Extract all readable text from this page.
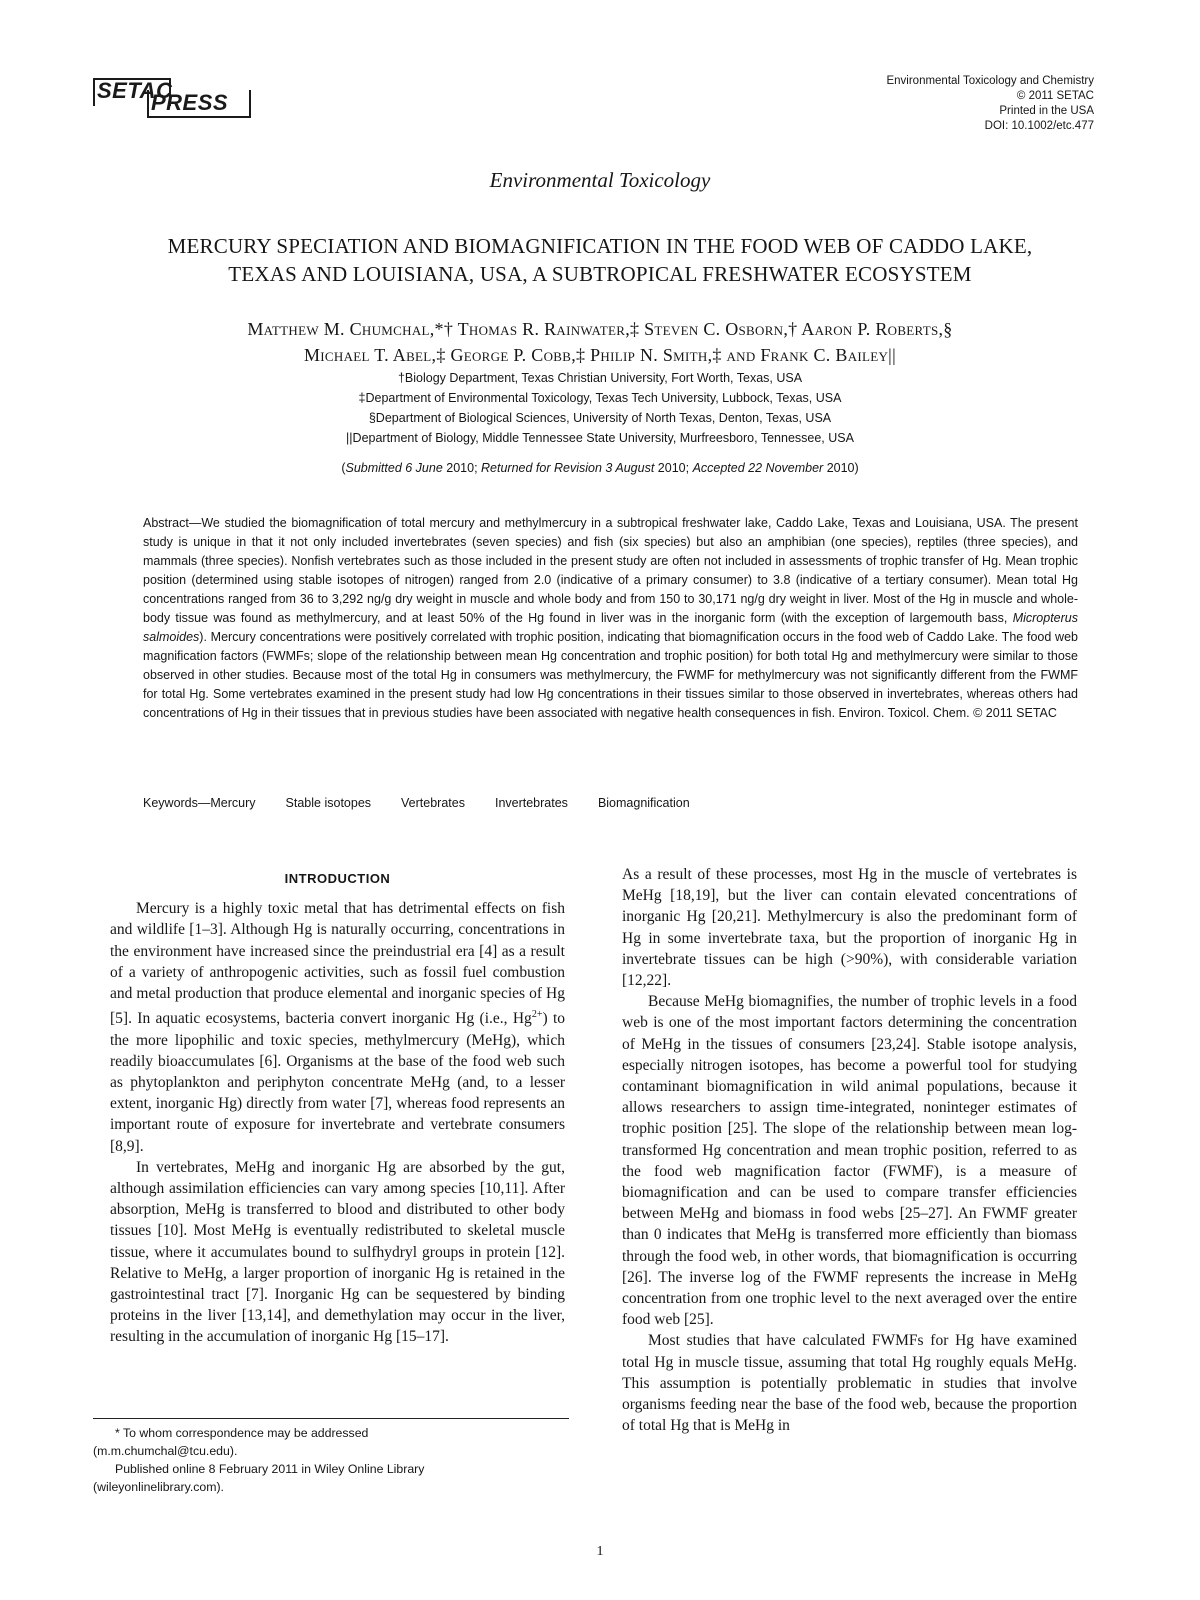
SETAC
PRESS
Environmental Toxicology and Chemistry
© 2011 SETAC
Printed in the USA
DOI: 10.1002/etc.477
Environmental Toxicology
MERCURY SPECIATION AND BIOMAGNIFICATION IN THE FOOD WEB OF CADDO LAKE,
TEXAS AND LOUISIANA, USA, A SUBTROPICAL FRESHWATER ECOSYSTEM
Matthew M. Chumchal,*† Thomas R. Rainwater,‡ Steven C. Osborn,† Aaron P. Roberts,§
Michael T. Abel,‡ George P. Cobb,‡ Philip N. Smith,‡ and Frank C. Bailey||
†Biology Department, Texas Christian University, Fort Worth, Texas, USA
‡Department of Environmental Toxicology, Texas Tech University, Lubbock, Texas, USA
§Department of Biological Sciences, University of North Texas, Denton, Texas, USA
||Department of Biology, Middle Tennessee State University, Murfreesboro, Tennessee, USA
(Submitted 6 June 2010; Returned for Revision 3 August 2010; Accepted 22 November 2010)
Abstract—We studied the biomagnification of total mercury and methylmercury in a subtropical freshwater lake, Caddo Lake, Texas and Louisiana, USA. The present study is unique in that it not only included invertebrates (seven species) and fish (six species) but also an amphibian (one species), reptiles (three species), and mammals (three species). Nonfish vertebrates such as those included in the present study are often not included in assessments of trophic transfer of Hg. Mean trophic position (determined using stable isotopes of nitrogen) ranged from 2.0 (indicative of a primary consumer) to 3.8 (indicative of a tertiary consumer). Mean total Hg concentrations ranged from 36 to 3,292 ng/g dry weight in muscle and whole body and from 150 to 30,171 ng/g dry weight in liver. Most of the Hg in muscle and whole-body tissue was found as methylmercury, and at least 50% of the Hg found in liver was in the inorganic form (with the exception of largemouth bass, Micropterus salmoides). Mercury concentrations were positively correlated with trophic position, indicating that biomagnification occurs in the food web of Caddo Lake. The food web magnification factors (FWMFs; slope of the relationship between mean Hg concentration and trophic position) for both total Hg and methylmercury were similar to those observed in other studies. Because most of the total Hg in consumers was methylmercury, the FWMF for methylmercury was not significantly different from the FWMF for total Hg. Some vertebrates examined in the present study had low Hg concentrations in their tissues similar to those observed in invertebrates, whereas others had concentrations of Hg in their tissues that in previous studies have been associated with negative health consequences in fish. Environ. Toxicol. Chem. © 2011 SETAC
Keywords—Mercury Stable isotopes Vertebrates Invertebrates Biomagnification
INTRODUCTION

Mercury is a highly toxic metal that has detrimental effects on fish and wildlife [1–3]. Although Hg is naturally occurring, concentrations in the environment have increased since the preindustrial era [4] as a result of a variety of anthropogenic activities, such as fossil fuel combustion and metal production that produce elemental and inorganic species of Hg [5]. In aquatic ecosystems, bacteria convert inorganic Hg (i.e., $Hg^{2+}$) to the more lipophilic and toxic species, methylmercury (MeHg), which readily bioaccumulates [6]. Organisms at the base of the food web such as phytoplankton and periphyton concentrate MeHg (and, to a lesser extent, inorganic Hg) directly from water [7], whereas food represents an important route of exposure for invertebrate and vertebrate consumers [8,9].

In vertebrates, MeHg and inorganic Hg are absorbed by the gut, although assimilation efficiencies can vary among species [10,11]. After absorption, MeHg is transferred to blood and distributed to other body tissues [10]. Most MeHg is eventually redistributed to skeletal muscle tissue, where it accumulates bound to sulfhydryl groups in protein [12]. Relative to MeHg, a larger proportion of inorganic Hg is retained in the gastrointestinal tract [7]. Inorganic Hg can be sequestered by binding proteins in the liver [13,14], and demethylation may occur in the liver, resulting in the accumulation of inorganic Hg [15–17].

As a result of these processes, most Hg in the muscle of vertebrates is MeHg [18,19], but the liver can contain elevated concentrations of inorganic Hg [20,21]. Methylmercury is also the predominant form of Hg in some invertebrate taxa, but the proportion of inorganic Hg in invertebrate tissues can be high (>90%), with considerable variation [12,22].

Because MeHg biomagnifies, the number of trophic levels in a food web is one of the most important factors determining the concentration of MeHg in the tissues of consumers [23,24]. Stable isotope analysis, especially nitrogen isotopes, has become a powerful tool for studying contaminant biomagnification in wild animal populations, because it allows researchers to assign time-integrated, noninteger estimates of trophic position [25]. The slope of the relationship between mean log-transformed Hg concentration and mean trophic position, referred to as the food web magnification factor (FWMF), is a measure of biomagnification and can be used to compare transfer efficiencies between MeHg and biomass in food webs [25–27]. An FWMF greater than 0 indicates that MeHg is transferred more efficiently than biomass through the food web, in other words, that biomagnification is occurring [26]. The inverse log of the FWMF represents the increase in MeHg concentration from one trophic level to the next averaged over the entire food web [25].

Most studies that have calculated FWMFs for Hg have examined total Hg in muscle tissue, assuming that total Hg roughly equals MeHg. This assumption is potentially problematic in studies that involve organisms feeding near the base of the food web, because the proportion of total Hg that is MeHg in

* To whom correspondence may be addressed
(m.m.chumchal@tcu.edu).
Published online 8 February 2011 in Wiley Online Library
(wileyonlinelibrary.com).
1
